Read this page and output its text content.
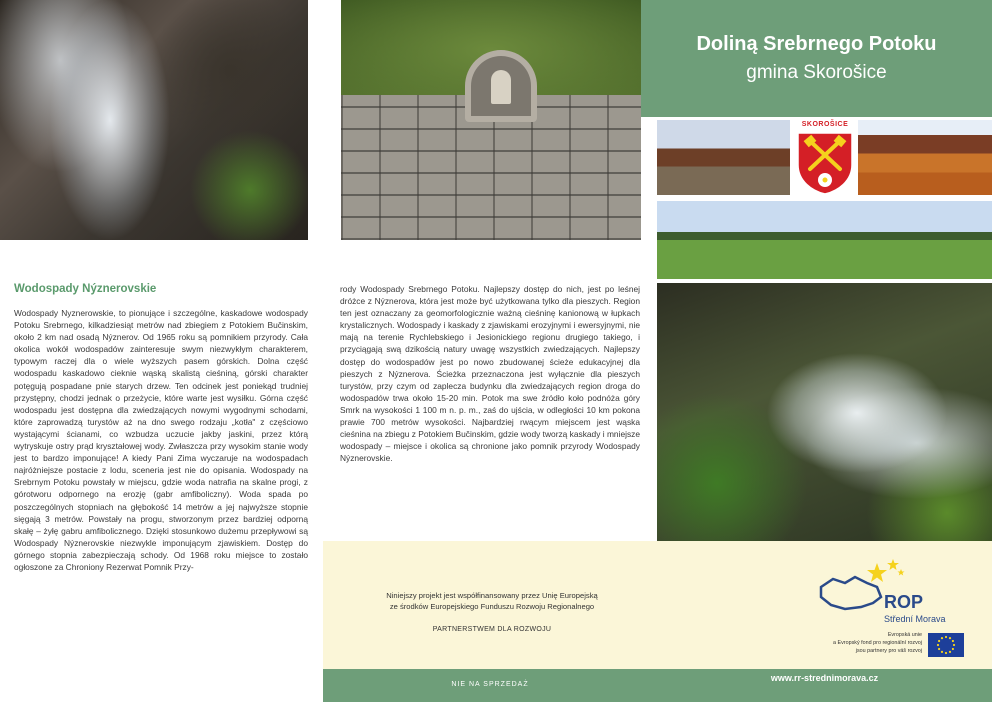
Doliną Srebrnego Potoku
gmina Skorošice
SKOROŠICE
Wodospady Nýznerovskie

Wodospady Nyznerowskie, to pionujące i szczególne, kaskadowe wodospady Potoku Srebrnego, kilkadziesiąt metrów nad zbiegiem z Potokiem Bučinskim, około 2 km nad osadą Nýznerov. Od 1965 roku są pomnikiem przyrody. Cała okolica wokół wodospadów zainteresuje swym niezwykłym charakterem, typowym raczej dla o wiele wyższych pasem górskich. Dolna część wodospadu kaskadowo cieknie wąską skalistą cieśniną, górski charakter potęgują pospadane pnie starych drzew. Ten odcinek jest poniekąd trudniej przystępny, chodzi jednak o przeżycie, które warte jest wysiłku. Górna część wodospadu jest dostępna dla zwiedzających nowymi wygodnymi schodami, które zaprowadzą turystów aż na dno swego rodzaju „kotła" z częściowo wystającymi ścianami, co wzbudza uczucie jakby jaskini, przez którą wytryskuje ostry prąd kryształowej wody. Zwłaszcza przy wysokim stanie wody jest to bardzo imponujące! A kiedy Pani Zima wyczaruje na wodospadach najróżniejsze postacie z lodu, sceneria jest nie do opisania. Wodospady na Srebrnym Potoku powstały w miejscu, gdzie woda natrafia na skalne progi, z górotworu odpornego na erozję (gabr amfibolicznу). Woda spada po poszczególnych stopniach na głębokość 14 metrów a jej najwyższe stopnie sięgają 3 metrów. Powstały na progu, stworzonym przez bardziej odporną skałę – żyłę gabru amfibolicznego. Dzięki stosunkowo dużemu przepływowi są Wodospady Nýznerovskie niezwykle imponującym zjawiskiem. Dostęp do górnego stopnia zabezpieczają schody. Od 1968 roku miejsce to zostało ogłoszone za Chroniony Rezerwat Pomnik Przy-

rody Wodospady Srebrnego Potoku. Najlepszy dostęp do nich, jest po leśnej dróżce z Nýznerova, która jest może być użytkowana tylko dla pieszych. Region ten jest oznaczany za geomorfologicznie ważną cieśninę kanionową w łupkach krystalicznych. Wodospady i kaskady z zjawiskami erozyjnymi i ewersyjnymi, nie mają na terenie Rychlebskiego i Jesionickiego regionu drugiego takiego, i przyciągają swą dzikością natury uwagę wszystkich zwiedzających. Najlepszy dostęp do wodospadów jest po nowo zbudowanej ścieże edukacyjnej dla pieszych z Nýznerova. Ścieżka przeznaczona jest wyłącznie dla pieszych turystów, przy czym od zaplecza budynku dla zwiedzających region droga do wodospadów trwa około 15-20 min. Potok ma swe źródło koło podnóża góry Smrk na wysokości 1 100 m n. p. m., zaś do ujścia, w odległości 10 km pokona prawie 700 metrów wysokości. Najbardziej rwącym miejscem jest wąska cieśnina na zbiegu z Potokiem Bučinskim, gdzie wody tworzą kaskady i mniejsze wodospady – miejsce i okolica są chronione jako pomnik przyrody Wodospady Nýznerovskie.

Niniejszy projekt jest współfinansowany przez Unię Europejską
ze środków Europejskiego Funduszu Rozwoju Regionalnego
PARTNERSTWEM DLA ROZWOJU
ROP
Střední Morava
Evropská unie
a Evropský fond pro regionální rozvoj
jsou partnery pro váš rozvoj
NIE NA SPRZEDAŻ
www.rr-strednimorava.cz
